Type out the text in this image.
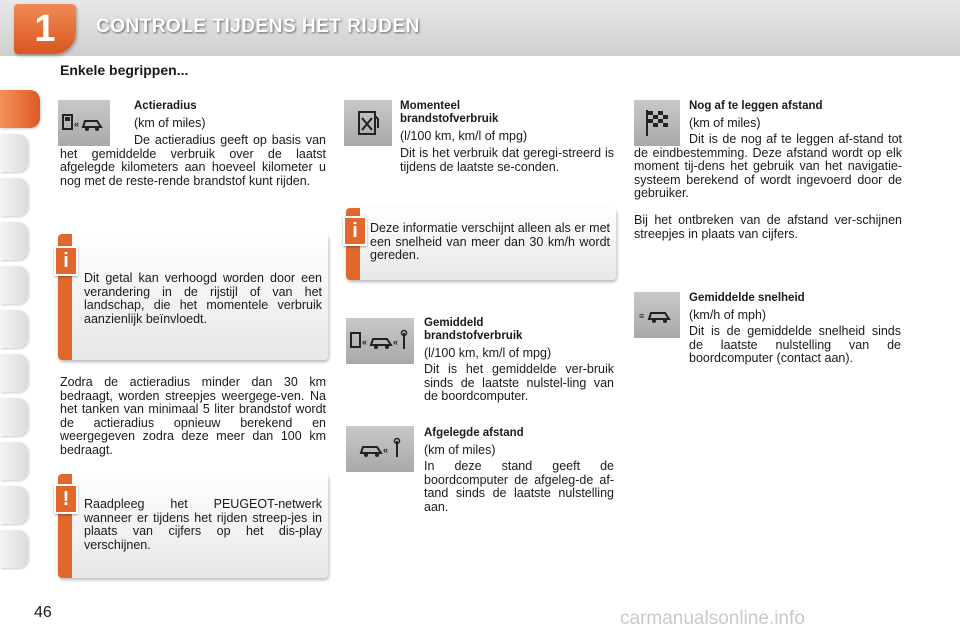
1	CONTROLE TIJDENS HET RIJDEN
Enkele begrippen...
«
Actieradius
(km of miles)
De actieradius geeft op basis van het gemiddelde verbruik over de laatst afgelegde kilometers aan hoeveel kilometer u nog met de reste-rende brandstof kunt rijden.
Dit getal kan verhoogd worden door een verandering in de rijstijl of van het landschap, die het momentele verbruik aanzienlijk beïnvloedt.
i
Zodra de actieradius minder dan 30 km bedraagt, worden streepjes weergege-ven. Na het tanken van minimaal 5 liter brandstof wordt de actieradius opnieuw berekend en weergegeven zodra deze meer dan 100 km bedraagt.
Raadpleeg het PEUGEOT-netwerk wanneer er tijdens het rijden streep-jes in plaats van cijfers op het dis-play verschijnen.
!
Momenteel brandstofverbruik
(l/100 km, km/l of mpg)
Dit is het verbruik dat geregi-streerd is tijdens de laatste se-conden.
Deze informatie verschijnt alleen als er met een snelheid van meer dan 30 km/h wordt gereden.
i
«	«
Gemiddeld brandstofverbruik
(l/100 km, km/l of mpg)
Dit is het gemiddelde ver-bruik sinds de laatste nulstel-ling van de boordcomputer.
«
Afgelegde afstand
(km of miles)
In deze stand geeft de boordcomputer de afgeleg-de af-tand sinds de laatste nulstelling aan.
Nog af te leggen afstand
(km of miles)
Dit is de nog af te leggen af-stand tot de eindbestemming. Deze afstand wordt op elk moment tij-dens het gebruik van het navigatie-systeem berekend of wordt ingevoerd door de gebruiker.
Bij het ontbreken van de afstand ver-schijnen streepjes in plaats van cijfers.
≡
Gemiddelde snelheid
(km/h of mph)
Dit is de gemiddelde snelheid sinds de laatste nulstelling van de boordcomputer (contact aan).
46	carmanualsonline.info
